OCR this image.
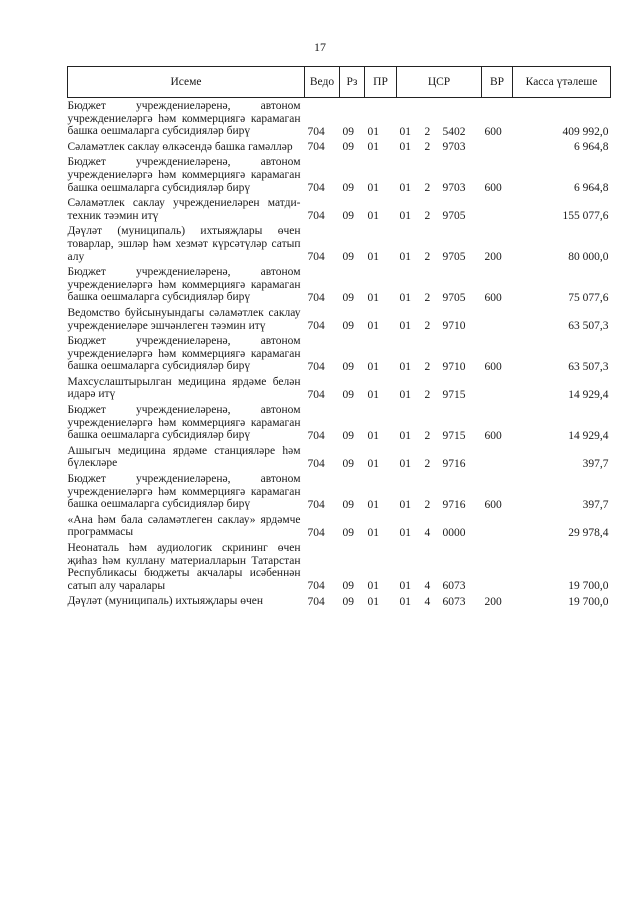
17
Исеме	Ведо	Рз	ПР	ЦСР			ВР	Касса үтәлеше
Бюджет учреждениеләренә, автоном учреждениеләргә һәм коммерциягә карамаган башка оешмаларга субсидияләр бирү	704	09	01	01	2	5402	600	409 992,0
Сәламәтлек саклау өлкәсендә башка гамәлләр	704	09	01	01	2	9703		6 964,8
Бюджет учреждениеләренә, автоном учреждениеләргә һәм коммерциягә карамаган башка оешмаларга субсидияләр бирү	704	09	01	01	2	9703	600	6 964,8
Сәламәтлек саклау учреждениеләрен матди-техник тәэмин итү	704	09	01	01	2	9705		155 077,6
Дәүләт (муниципаль) ихтыяҗлары өчен товарлар, эшләр һәм хезмәт күрсәтүләр сатып алу	704	09	01	01	2	9705	200	80 000,0
Бюджет учреждениеләренә, автоном учреждениеләргә һәм коммерциягә карамаган башка оешмаларга субсидияләр бирү	704	09	01	01	2	9705	600	75 077,6
Ведомство буйсынуындагы сәламәтлек саклау учреждениеләре эшчәнлеген тәэмин итү	704	09	01	01	2	9710		63 507,3
Бюджет учреждениеләренә, автоном учреждениеләргә һәм коммерциягә карамаган башка оешмаларга субсидияләр бирү	704	09	01	01	2	9710	600	63 507,3
Махсуслаштырылган медицина ярдәме белән идарә итү	704	09	01	01	2	9715		14 929,4
Бюджет учреждениеләренә, автоном учреждениеләргә һәм коммерциягә карамаган башка оешмаларга субсидияләр бирү	704	09	01	01	2	9715	600	14 929,4
Ашыгыч медицина ярдәме станцияләре һәм бүлекләре	704	09	01	01	2	9716		397,7
Бюджет учреждениеләренә, автоном учреждениеләргә һәм коммерциягә карамаган башка оешмаларга субсидияләр бирү	704	09	01	01	2	9716	600	397,7
«Ана һәм бала сәламәтлеген саклау» ярдәмче программасы	704	09	01	01	4	0000		29 978,4
Неонаталь һәм аудиологик скрининг өчен җиһаз һәм куллану материалларын Татарстан Республикасы бюджеты акчалары исәбеннән сатып алу чаралары	704	09	01	01	4	6073		19 700,0
Дәүләт (муниципаль) ихтыяҗлары өчен	704	09	01	01	4	6073	200	19 700,0
